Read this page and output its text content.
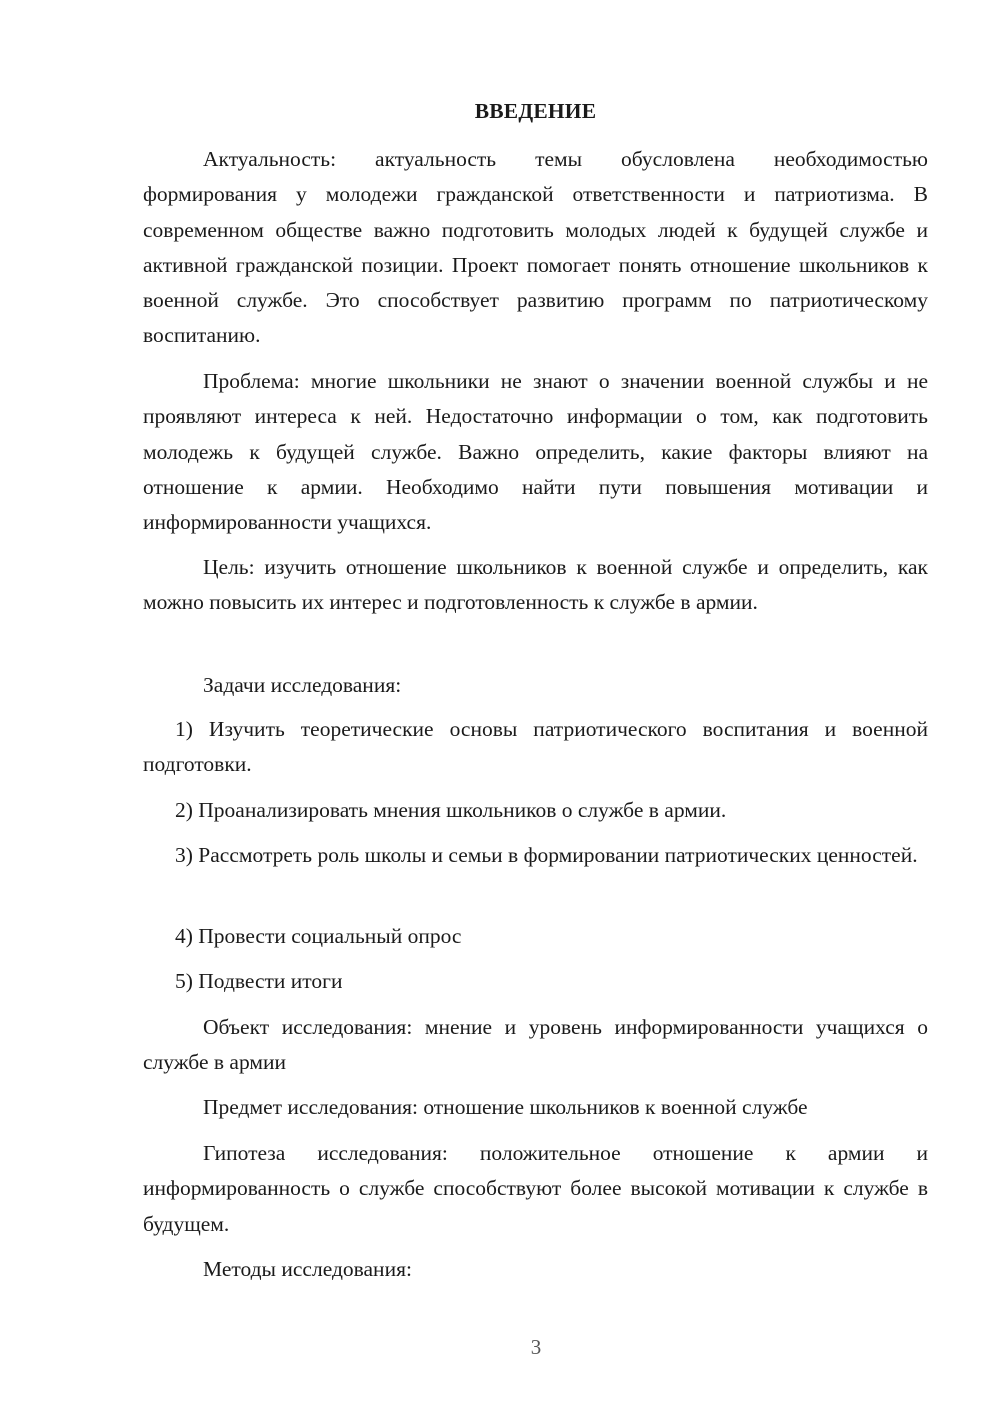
ВВЕДЕНИЕ

Актуальность: актуальность темы обусловлена необходимостью формирования у молодежи гражданской ответственности и патриотизма. В современном обществе важно подготовить молодых людей к будущей службе и активной гражданской позиции. Проект помогает понять отношение школьников к военной службе. Это способствует развитию программ по патриотическому воспитанию.

Проблема: многие школьники не знают о значении военной службы и не проявляют интереса к ней. Недостаточно информации о том, как подготовить молодежь к будущей службе. Важно определить, какие факторы влияют на отношение к армии. Необходимо найти пути повышения мотивации и информированности учащихся.

Цель: изучить отношение школьников к военной службе и определить, как можно повысить их интерес и подготовленность к службе в армии.

Задачи исследования:

1) Изучить теоретические основы патриотического воспитания и военной подготовки.

2) Проанализировать мнения школьников о службе в армии.

3) Рассмотреть роль школы и семьи в формировании патриотических ценностей.

4) Провести социальный опрос

5) Подвести итоги

Объект исследования: мнение и уровень информированности учащихся о службе в армии

Предмет исследования: отношение школьников к военной службе

Гипотеза исследования: положительное отношение к армии и информированность о службе способствуют более высокой мотивации к службе в будущем.

Методы исследования:

3
